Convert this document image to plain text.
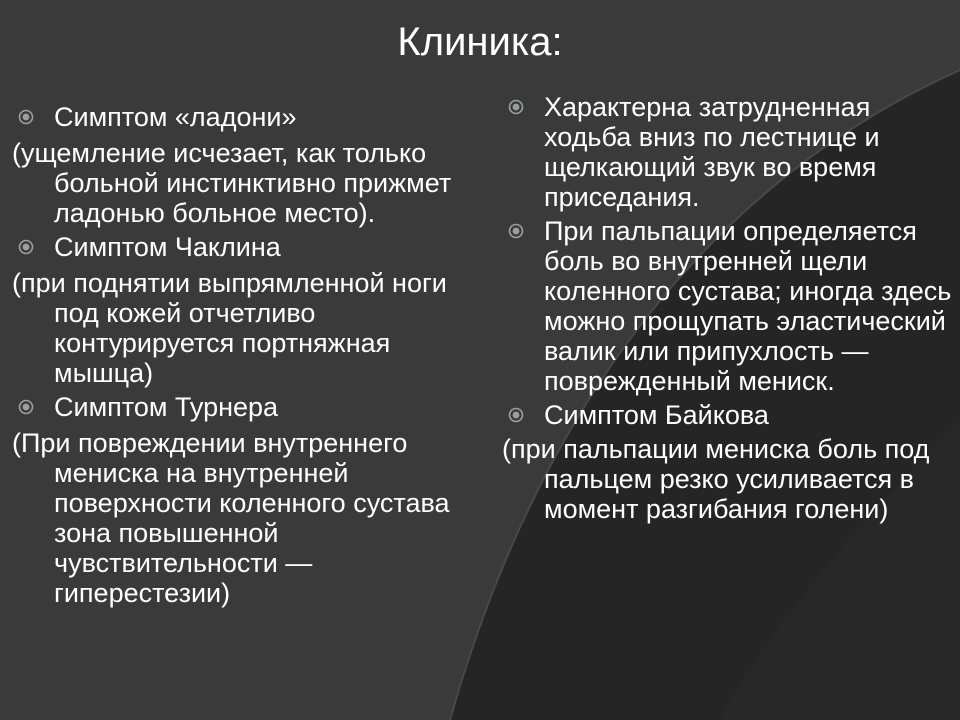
Клиника:
Симптом «ладони»

(ущемление исчезает, как только больной инстинктивно прижмет ладонью больное место).

Симптом Чаклина

(при поднятии выпрямленной ноги под кожей отчетливо контурируется портняжная мышца)

Симптом Турнера

(При повреждении внутреннего мениска на внутренней поверхности коленного сустава зона повышенной чувствительности — гиперестезии)

Характерна затрудненная ходьба вниз по лестнице и щелкающий звук во время приседания.
При пальпации определяется боль во внутренней щели коленного сустава; иногда здесь можно прощупать эластический валик или припухлость — поврежденный мениск.
Симптом Байкова

(при пальпации мениска боль под пальцем резко усиливается в момент разгибания голени)
